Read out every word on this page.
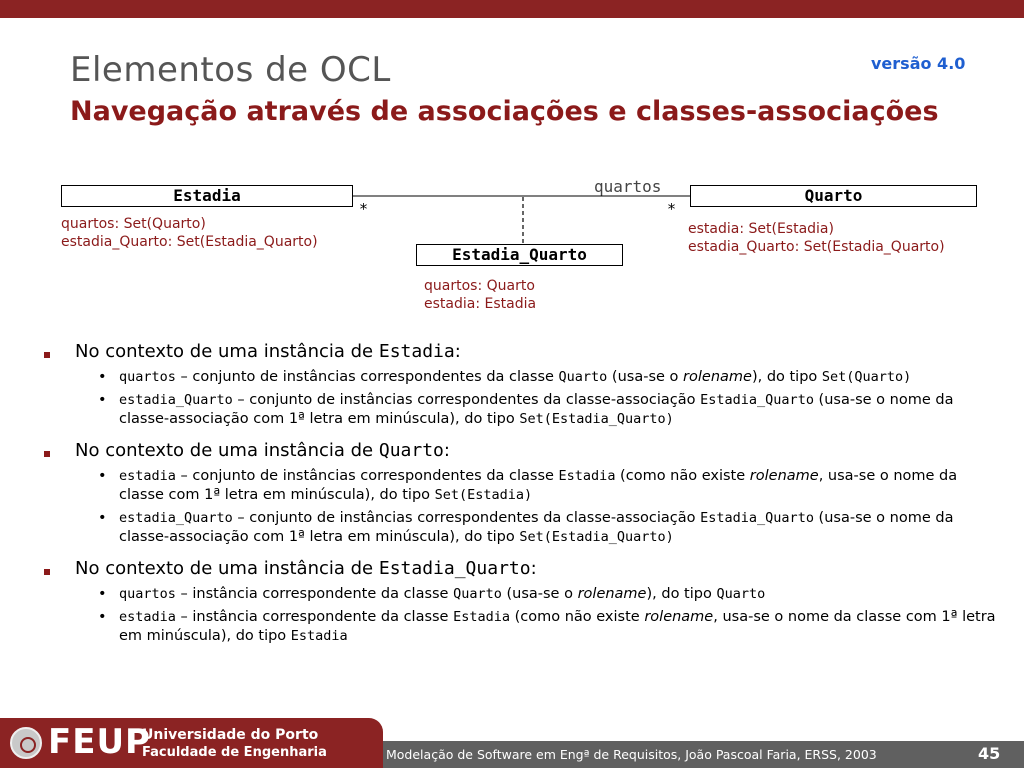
Elementos de OCL
Navegação através de associações e classes-associações
versão 4.0
Estadia	Quarto
Estadia_Quarto
quartos
*	*
quartos: Set(Quarto)
estadia_Quarto: Set(Estadia_Quarto)
estadia: Set(Estadia)
estadia_Quarto: Set(Estadia_Quarto)
quartos: Quarto
estadia: Estadia
No contexto de uma instância de Estadia:
• quartos – conjunto de instâncias correspondentes da classe Quarto (usa-se o rolename), do tipo Set(Quarto)
• estadia_Quarto – conjunto de instâncias correspondentes da classe-associação Estadia_Quarto (usa-se o nome da classe-associação com 1ª letra em minúscula), do tipo Set(Estadia_Quarto)
No contexto de uma instância de Quarto:
• estadia – conjunto de instâncias correspondentes da classe Estadia (como não existe rolename, usa-se o nome da classe com 1ª letra em minúscula), do tipo Set(Estadia)
• estadia_Quarto – conjunto de instâncias correspondentes da classe-associação Estadia_Quarto (usa-se o nome da classe-associação com 1ª letra em minúscula), do tipo Set(Estadia_Quarto)
No contexto de uma instância de Estadia_Quarto:
• quartos – instância correspondente da classe Quarto (usa-se o rolename), do tipo Quarto
• estadia – instância correspondente da classe Estadia (como não existe rolename, usa-se o nome da classe com 1ª letra em minúscula), do tipo Estadia
FEUP
Universidade do Porto
Faculdade de Engenharia	Modelação de Software em Engª de Requisitos, João Pascoal Faria, ERSS, 2003	45
